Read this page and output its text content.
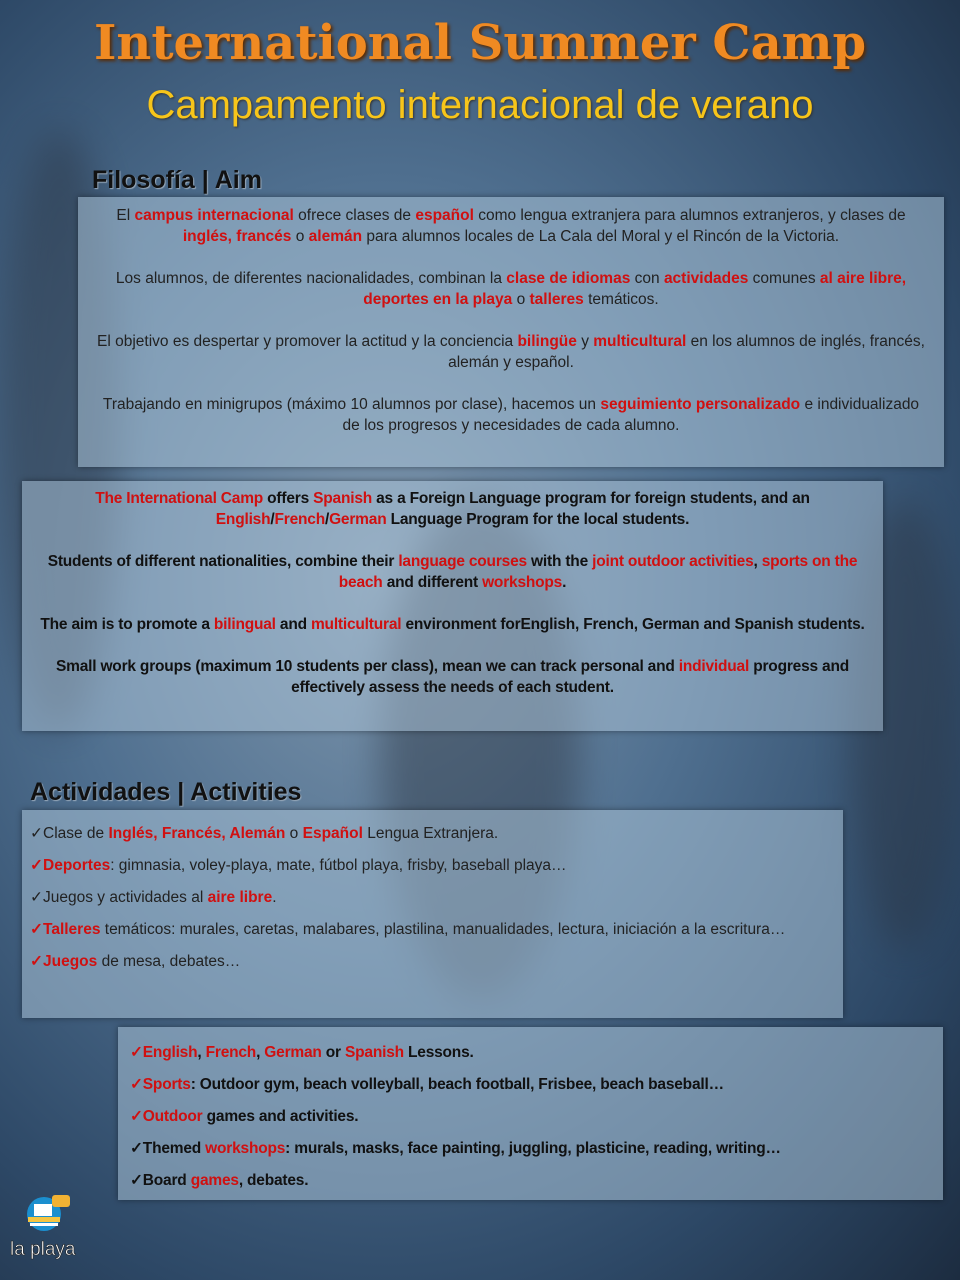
International Summer Camp
Campamento internacional de verano
Filosofía | Aim

El campus internacional ofrece clases de español como lengua extranjera para alumnos extranjeros, y clases de inglés, francés o alemán para alumnos locales de La Cala del Moral y el Rincón de la Victoria.

Los alumnos, de diferentes nacionalidades, combinan la clase de idiomas con actividades comunes al aire libre, deportes en la playa o talleres temáticos.

El objetivo es despertar y promover la actitud y la conciencia bilingüe y multicultural en los alumnos de inglés, francés, alemán y español.

Trabajando en minigrupos (máximo 10 alumnos por clase), hacemos un seguimiento personalizado e individualizado de los progresos y necesidades de cada alumno.

The International Camp offers Spanish as a Foreign Language program for foreign students, and an English/French/German Language Program for the local students.

Students of different nationalities, combine their language courses with the joint outdoor activities, sports on the beach and different workshops.

The aim is to promote a bilingual and multicultural environment forEnglish, French, German and Spanish students.

Small work groups (maximum 10 students per class), mean we can track personal and individual progress and effectively assess the needs of each student.

Actividades | Activities

✓Clase de Inglés, Francés, Alemán o Español Lengua Extranjera.

✓Deportes: gimnasia, voley-playa, mate, fútbol playa, frisby, baseball playa…

✓Juegos y actividades al aire libre.

✓Talleres temáticos: murales, caretas, malabares, plastilina, manualidades, lectura, iniciación a la escritura…

✓Juegos de mesa, debates…

✓English, French, German or Spanish Lessons.

✓Sports: Outdoor gym, beach volleyball, beach football, Frisbee, beach baseball…

✓Outdoor games and activities.

✓Themed workshops: murals, masks, face painting, juggling, plasticine, reading, writing…

✓Board games, debates.

la playa
